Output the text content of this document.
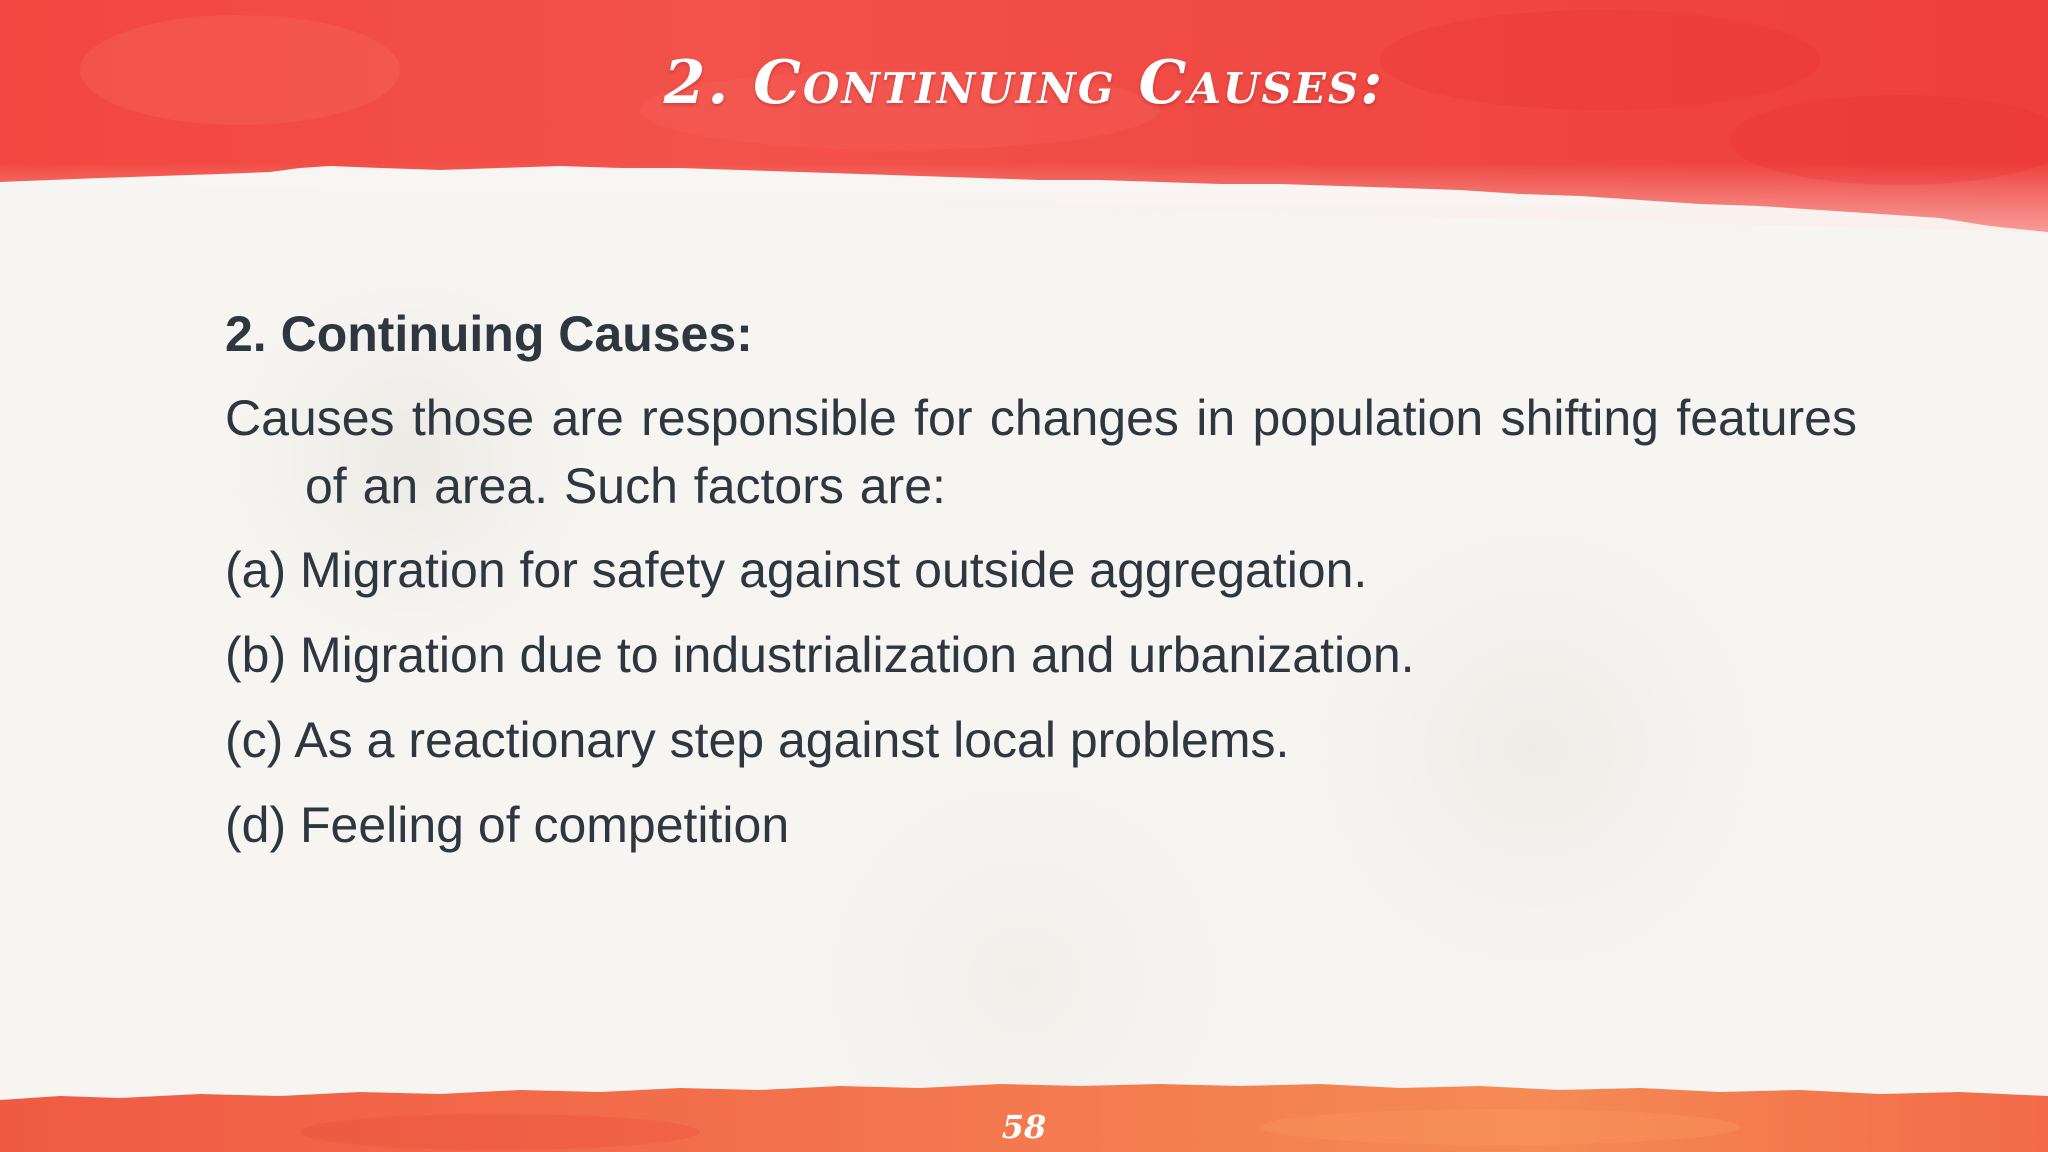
2. Continuing Causes:
2. Continuing Causes:
Causes those are responsible for changes in population shifting features of an area. Such factors are:
(a) Migration for safety against outside aggregation.
(b) Migration due to industrialization and urbanization.
(c) As a reactionary step against local problems.
(d) Feeling of competition
58
